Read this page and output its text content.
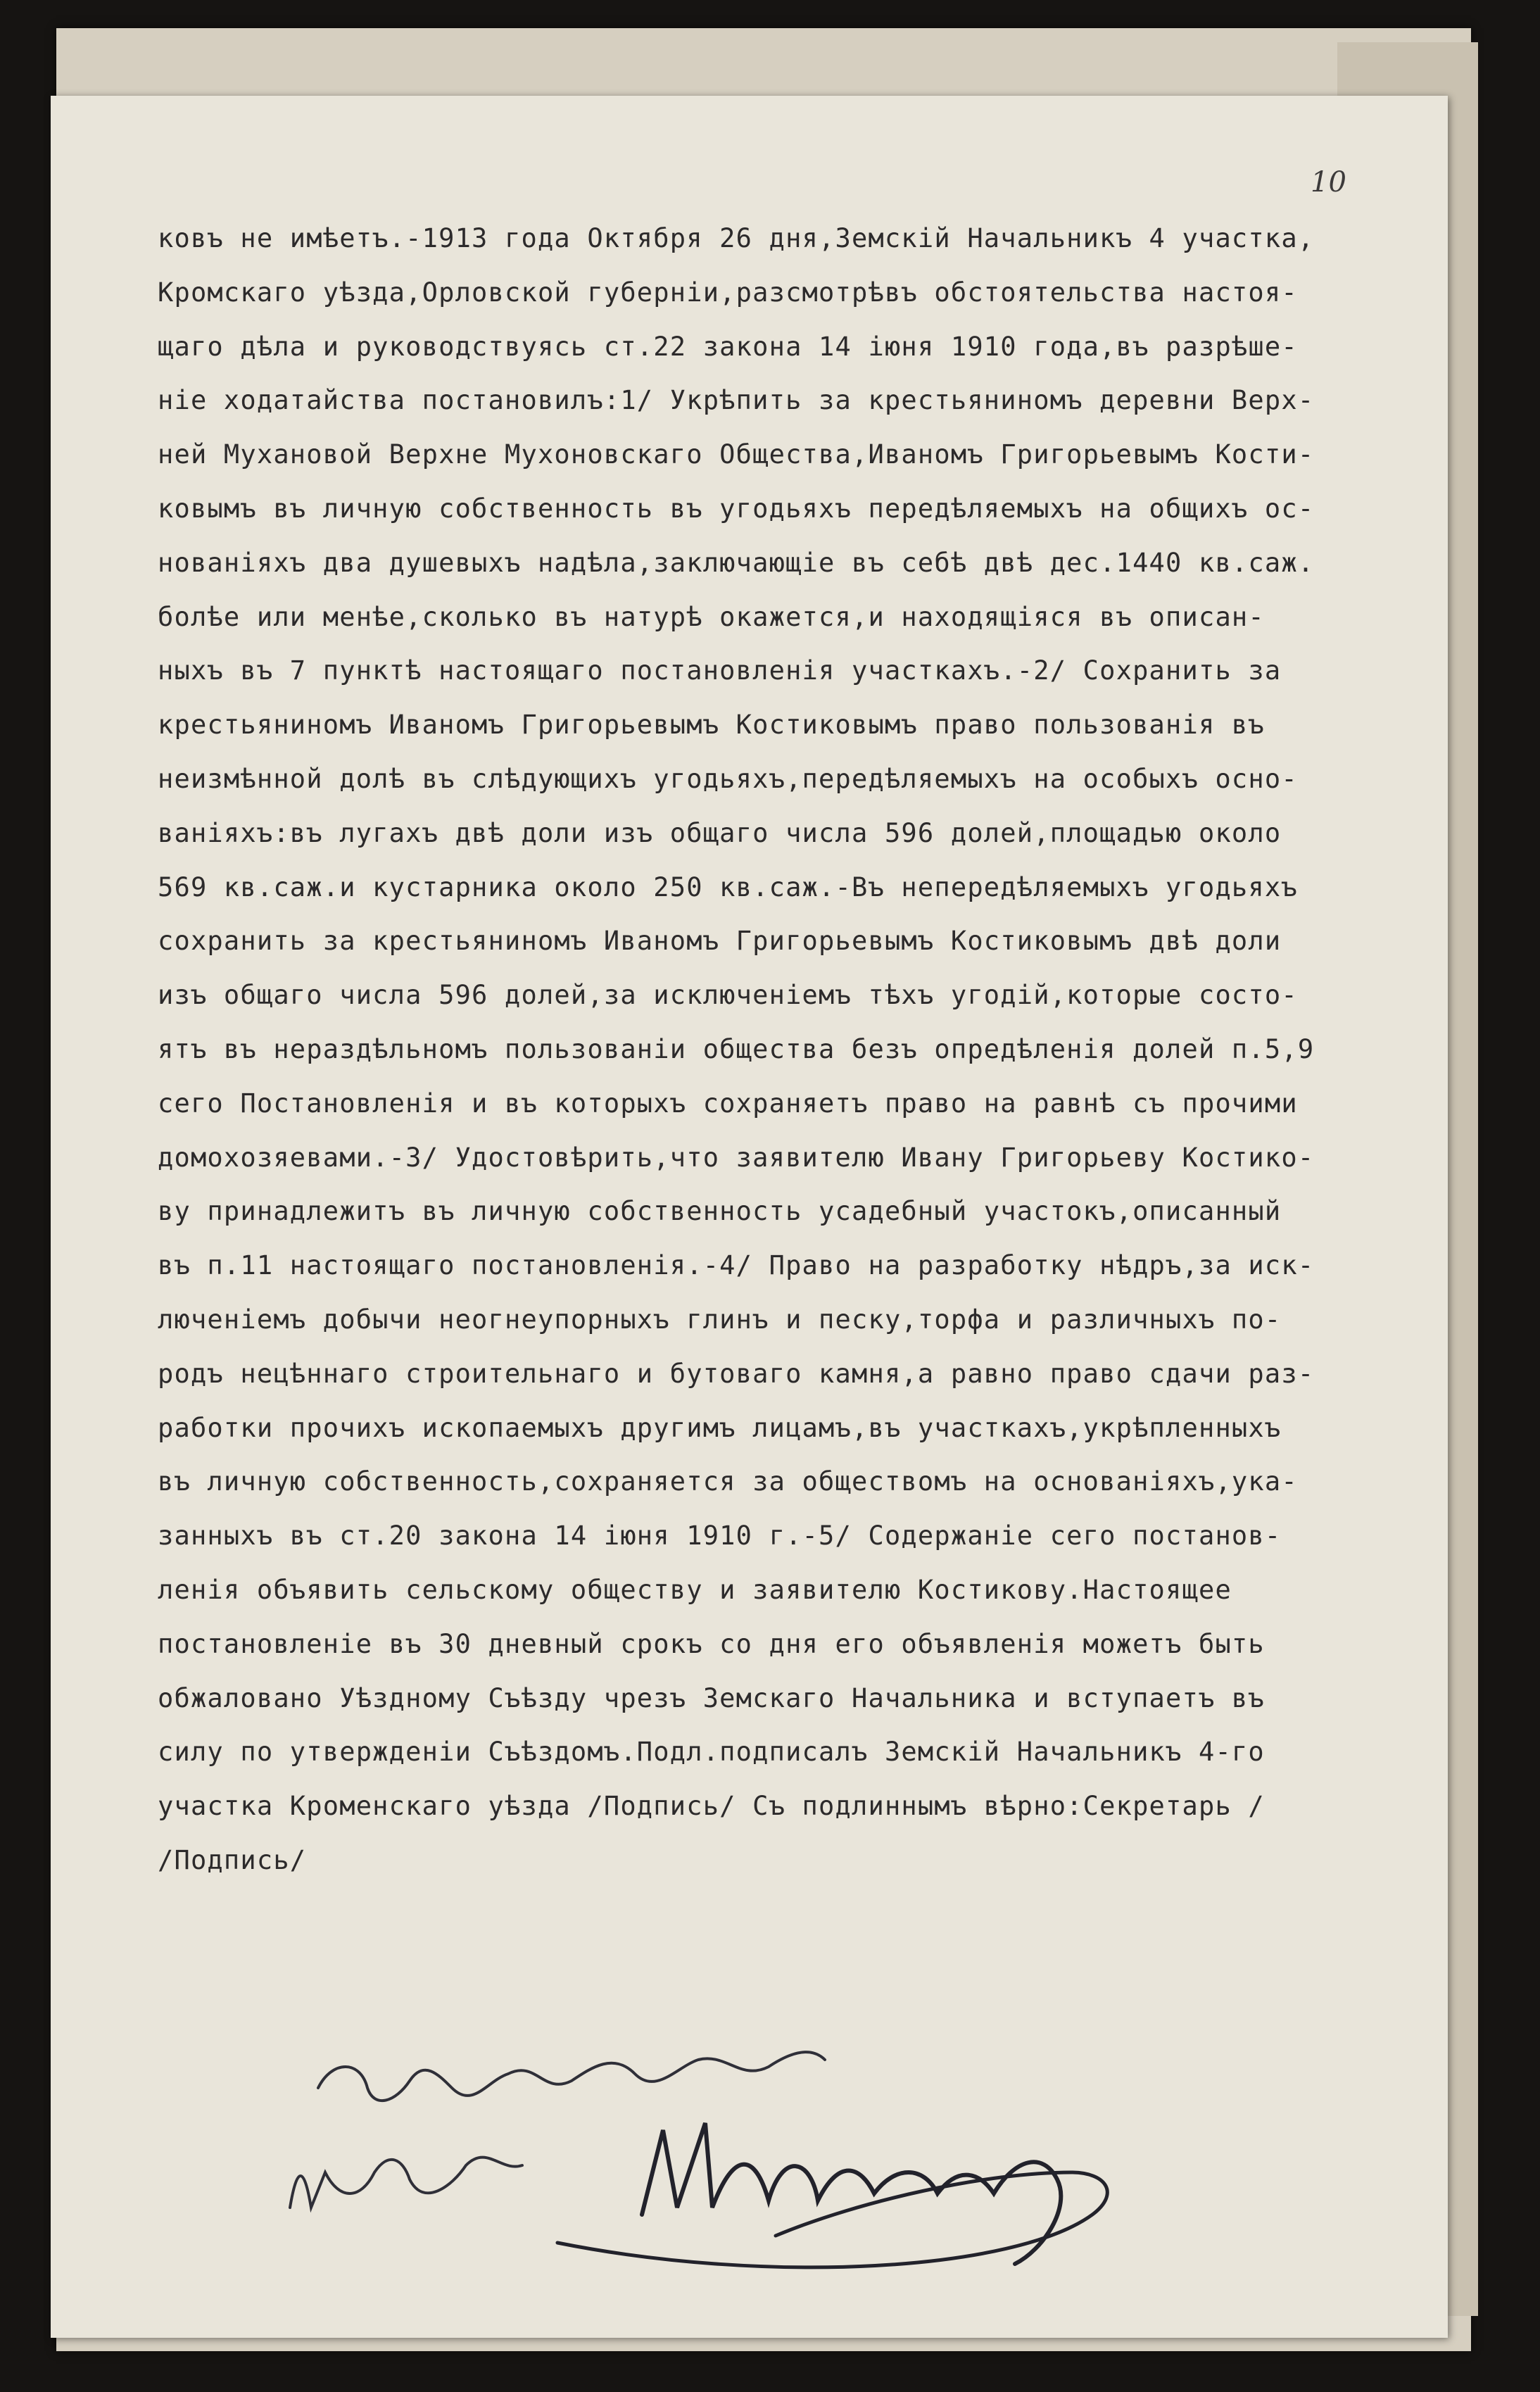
10
ковъ не имѣетъ.-1913 года Октября 26 дня,Земскій Начальникъ 4 участка,
Кромскаго уѣзда,Орловской губерніи,разсмотрѣвъ обстоятельства настоя-
щаго дѣла и руководствуясь ст.22 закона 14 іюня 1910 года,въ разрѣше-
ніе ходатайства постановилъ:1/ Укрѣпить за крестьяниномъ деревни Верх-
ней Мухановой Верхне Мухоновскаго Общества,Иваномъ Григорьевымъ Кости-
ковымъ въ личную собственность въ угодьяхъ передѣляемыхъ на общихъ ос-
нованіяхъ два душевыхъ надѣла,заключающіе въ себѣ двѣ дес.1440 кв.саж.
болѣе или менѣе,сколько въ натурѣ окажется,и находящіяся въ описан-
ныхъ въ 7 пунктѣ настоящаго постановленія участкахъ.-2/ Сохранить за
крестьяниномъ Иваномъ Григорьевымъ Костиковымъ право пользованія въ
неизмѣнной долѣ въ слѣдующихъ угодьяхъ,передѣляемыхъ на особыхъ осно-
ваніяхъ:въ лугахъ двѣ доли изъ общаго числа 596 долей,площадью около
569 кв.саж.и кустарника около 250 кв.саж.-Въ непередѣляемыхъ угодьяхъ
сохранить за крестьяниномъ Иваномъ Григорьевымъ Костиковымъ двѣ доли
изъ общаго числа 596 долей,за исключеніемъ тѣхъ угодій,которые состо-
ятъ въ нераздѣльномъ пользованіи общества безъ опредѣленія долей п.5,9
сего Постановленія и въ которыхъ сохраняетъ право на равнѣ съ прочими
домохозяевами.-3/ Удостовѣрить,что заявителю Ивану Григорьеву Костико-
ву принадлежитъ въ личную собственность усадебный участокъ,описанный
въ п.11 настоящаго постановленія.-4/ Право на разработку нѣдръ,за иск-
люченіемъ добычи неогнеупорныхъ глинъ и песку,торфа и различныхъ по-
родъ нецѣннаго строительнаго и бутоваго камня,а равно право сдачи раз-
работки прочихъ ископаемыхъ другимъ лицамъ,въ участкахъ,укрѣпленныхъ
въ личную собственность,сохраняется за обществомъ на основаніяхъ,ука-
занныхъ въ ст.20 закона 14 іюня 1910 г.-5/ Содержаніе сего постанов-
ленія объявить сельскому обществу и заявителю Костикову.Настоящее
постановленіе въ 30 дневный срокъ со дня его объявленія можетъ быть
обжаловано Уѣздному Съѣзду чрезъ Земскаго Начальника и вступаетъ въ
силу по утвержденіи Съѣздомъ.Подл.подписалъ Земскій Начальникъ 4-го
участка Кроменскаго уѣзда /Подпись/ Съ подлиннымъ вѣрно:Секретарь /
/Подпись/
